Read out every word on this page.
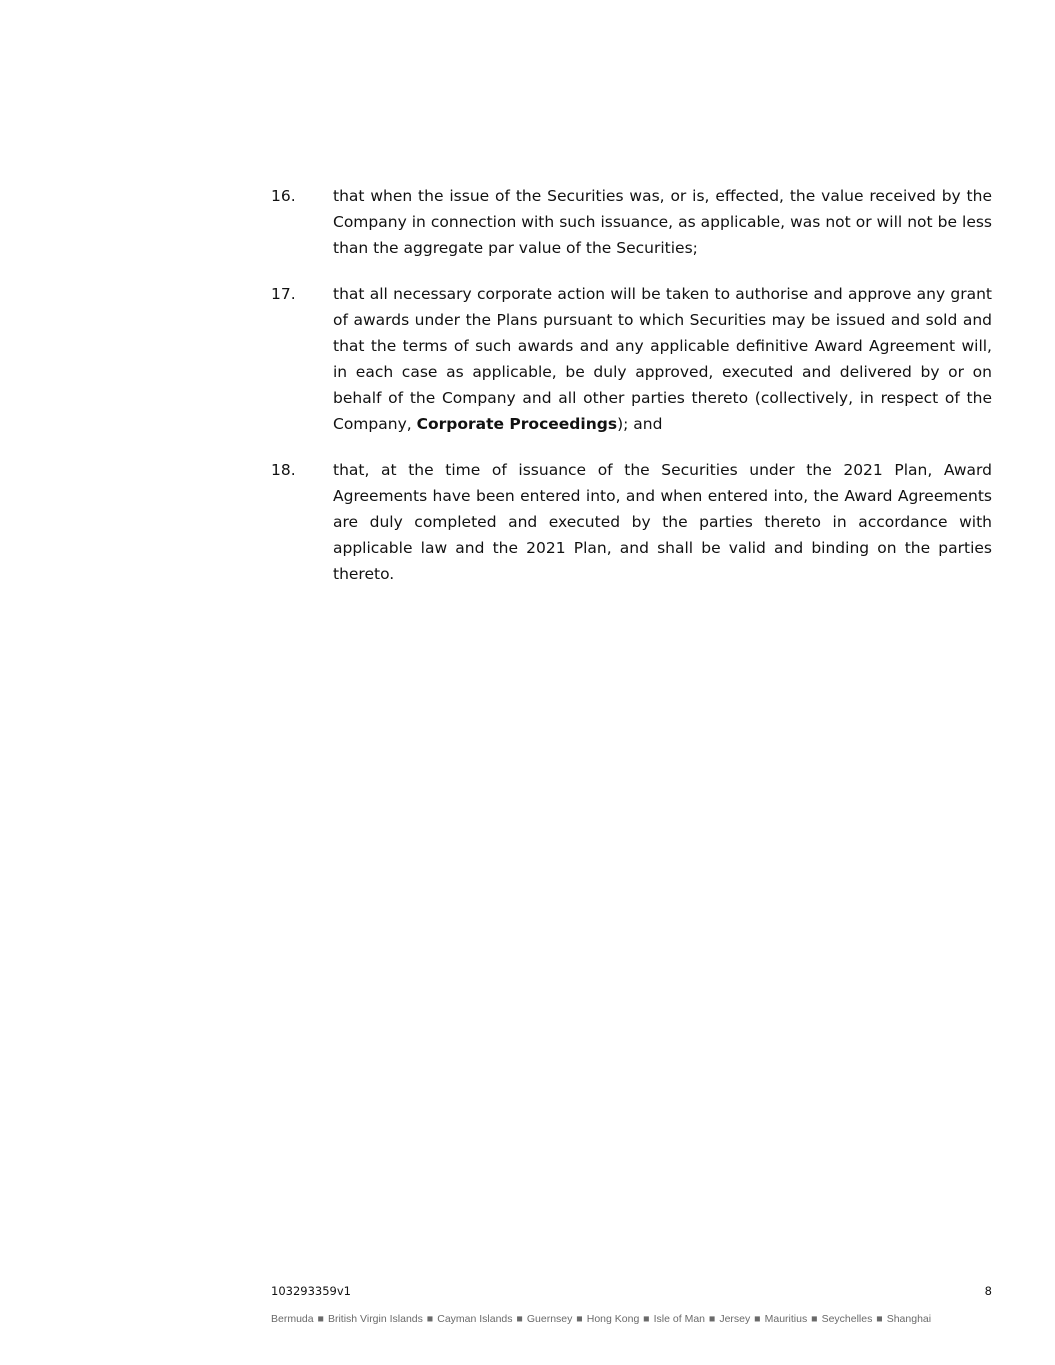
16.	that when the issue of the Securities was, or is, effected, the value received by the Company in connection with such issuance, as applicable, was not or will not be less than the aggregate par value of the Securities;
17.	that all necessary corporate action will be taken to authorise and approve any grant of awards under the Plans pursuant to which Securities may be issued and sold and that the terms of such awards and any applicable definitive Award Agreement will, in each case as applicable, be duly approved, executed and delivered by or on behalf of the Company and all other parties thereto (collectively, in respect of the Company, Corporate Proceedings); and
18.	that, at the time of issuance of the Securities under the 2021 Plan, Award Agreements have been entered into, and when entered into, the Award Agreements are duly completed and executed by the parties thereto in accordance with applicable law and the 2021 Plan, and shall be valid and binding on the parties thereto.
103293359v1	8
Bermuda ■ British Virgin Islands ■ Cayman Islands ■ Guernsey ■ Hong Kong ■ Isle of Man ■ Jersey ■ Mauritius ■ Seychelles ■ Shanghai
